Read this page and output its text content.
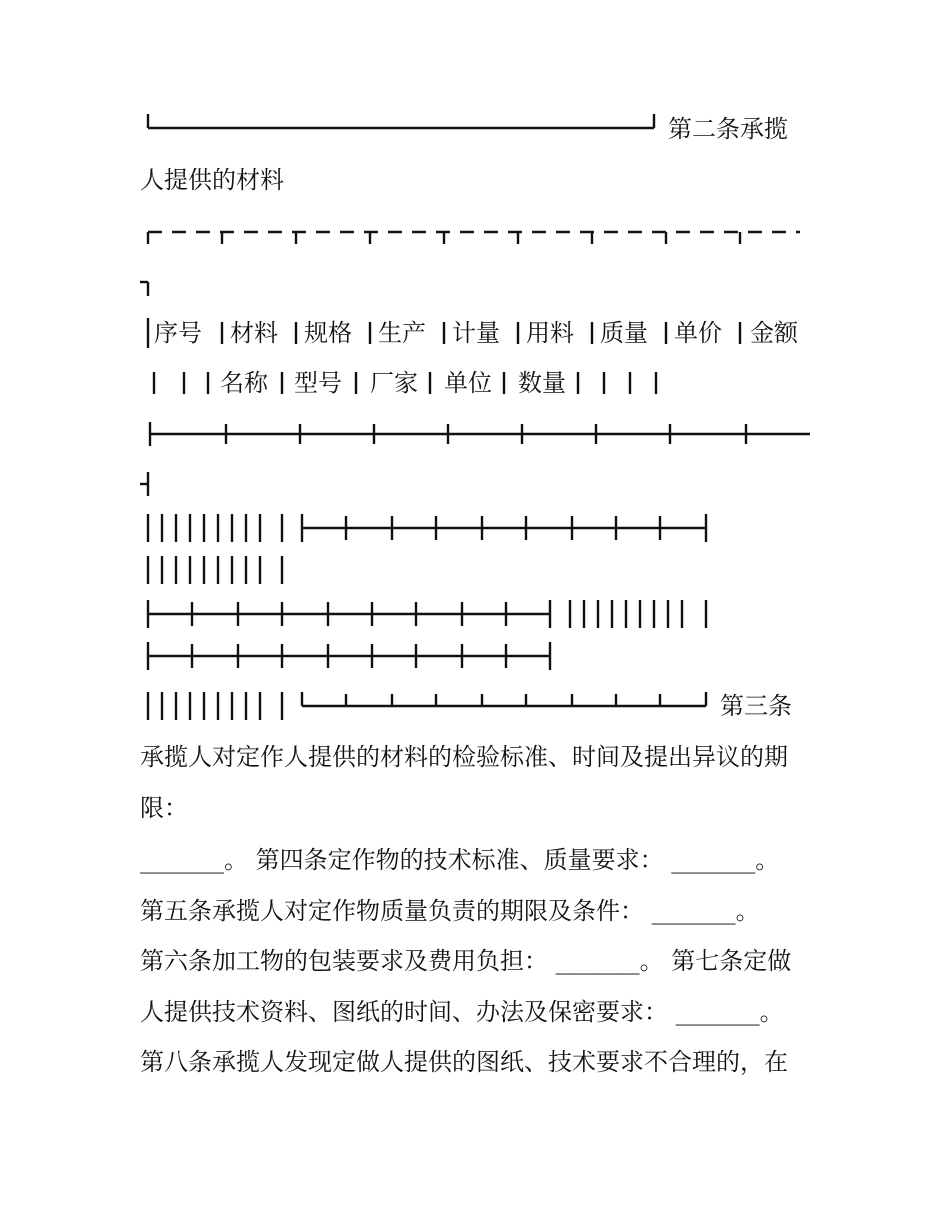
第二条承揽
人提供的材料
序号 材料 规格 生产 计量 用料 质量 单价 金额
名称 型号 厂家 单位 数量
第三条
承揽人对定作人提供的材料的检验标准、时间及提出异议的期
限：
_______。 第四条定作物的技术标准、质量要求： _______。
第五条承揽人对定作物质量负责的期限及条件： _______。
第六条加工物的包装要求及费用负担： _______。 第七条定做
人提供技术资料、图纸的时间、办法及保密要求： _______。
第八条承揽人发现定做人提供的图纸、技术要求不合理的，在
